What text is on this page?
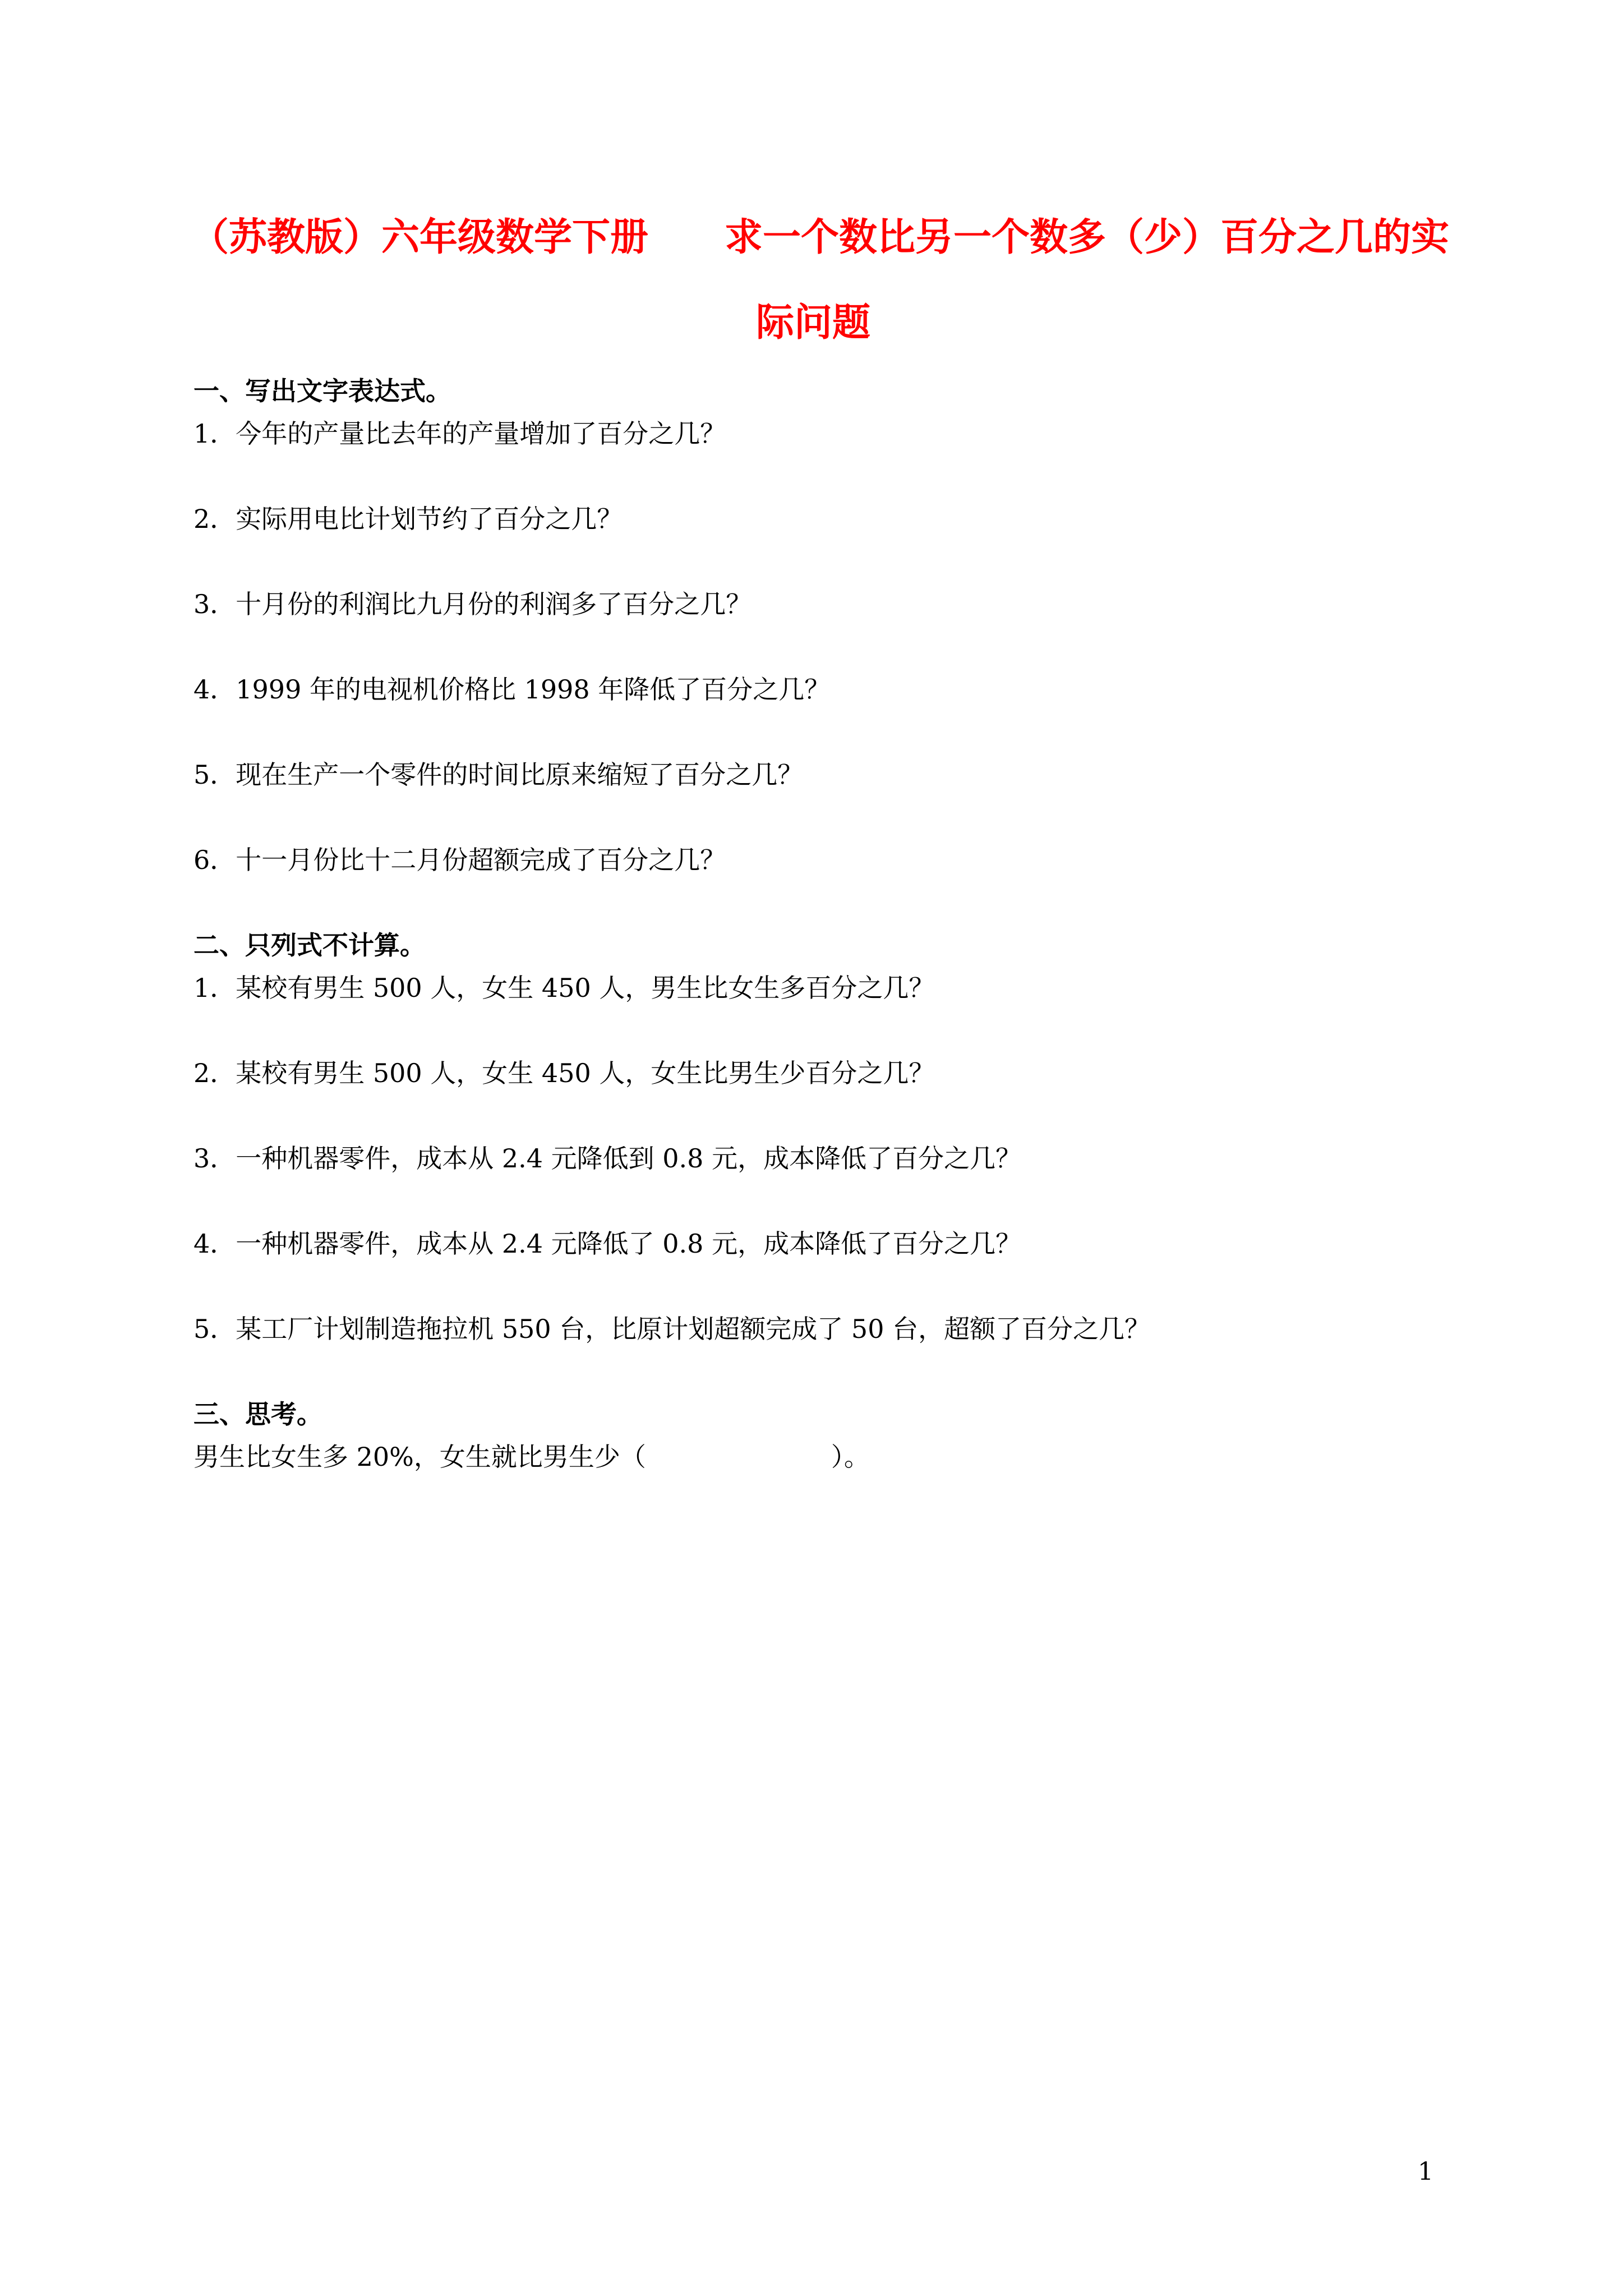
（苏教版）六年级数学下册　　求一个数比另一个数多（少）百分之几的实
际问题
一、写出文字表达式。
1．今年的产量比去年的产量增加了百分之几？
2．实际用电比计划节约了百分之几？
3．十月份的利润比九月份的利润多了百分之几？
4．1999 年的电视机价格比 1998 年降低了百分之几？
5．现在生产一个零件的时间比原来缩短了百分之几？
6．十一月份比十二月份超额完成了百分之几？
二、只列式不计算。
1．某校有男生 500 人，女生 450 人，男生比女生多百分之几？
2．某校有男生 500 人，女生 450 人，女生比男生少百分之几？
3．一种机器零件，成本从 2.4 元降低到 0.8 元，成本降低了百分之几？
4．一种机器零件，成本从 2.4 元降低了 0.8 元，成本降低了百分之几？
5．某工厂计划制造拖拉机 550 台，比原计划超额完成了 50 台，超额了百分之几？
三、思考。
男生比女生多 20%，女生就比男生少（	）。
1
